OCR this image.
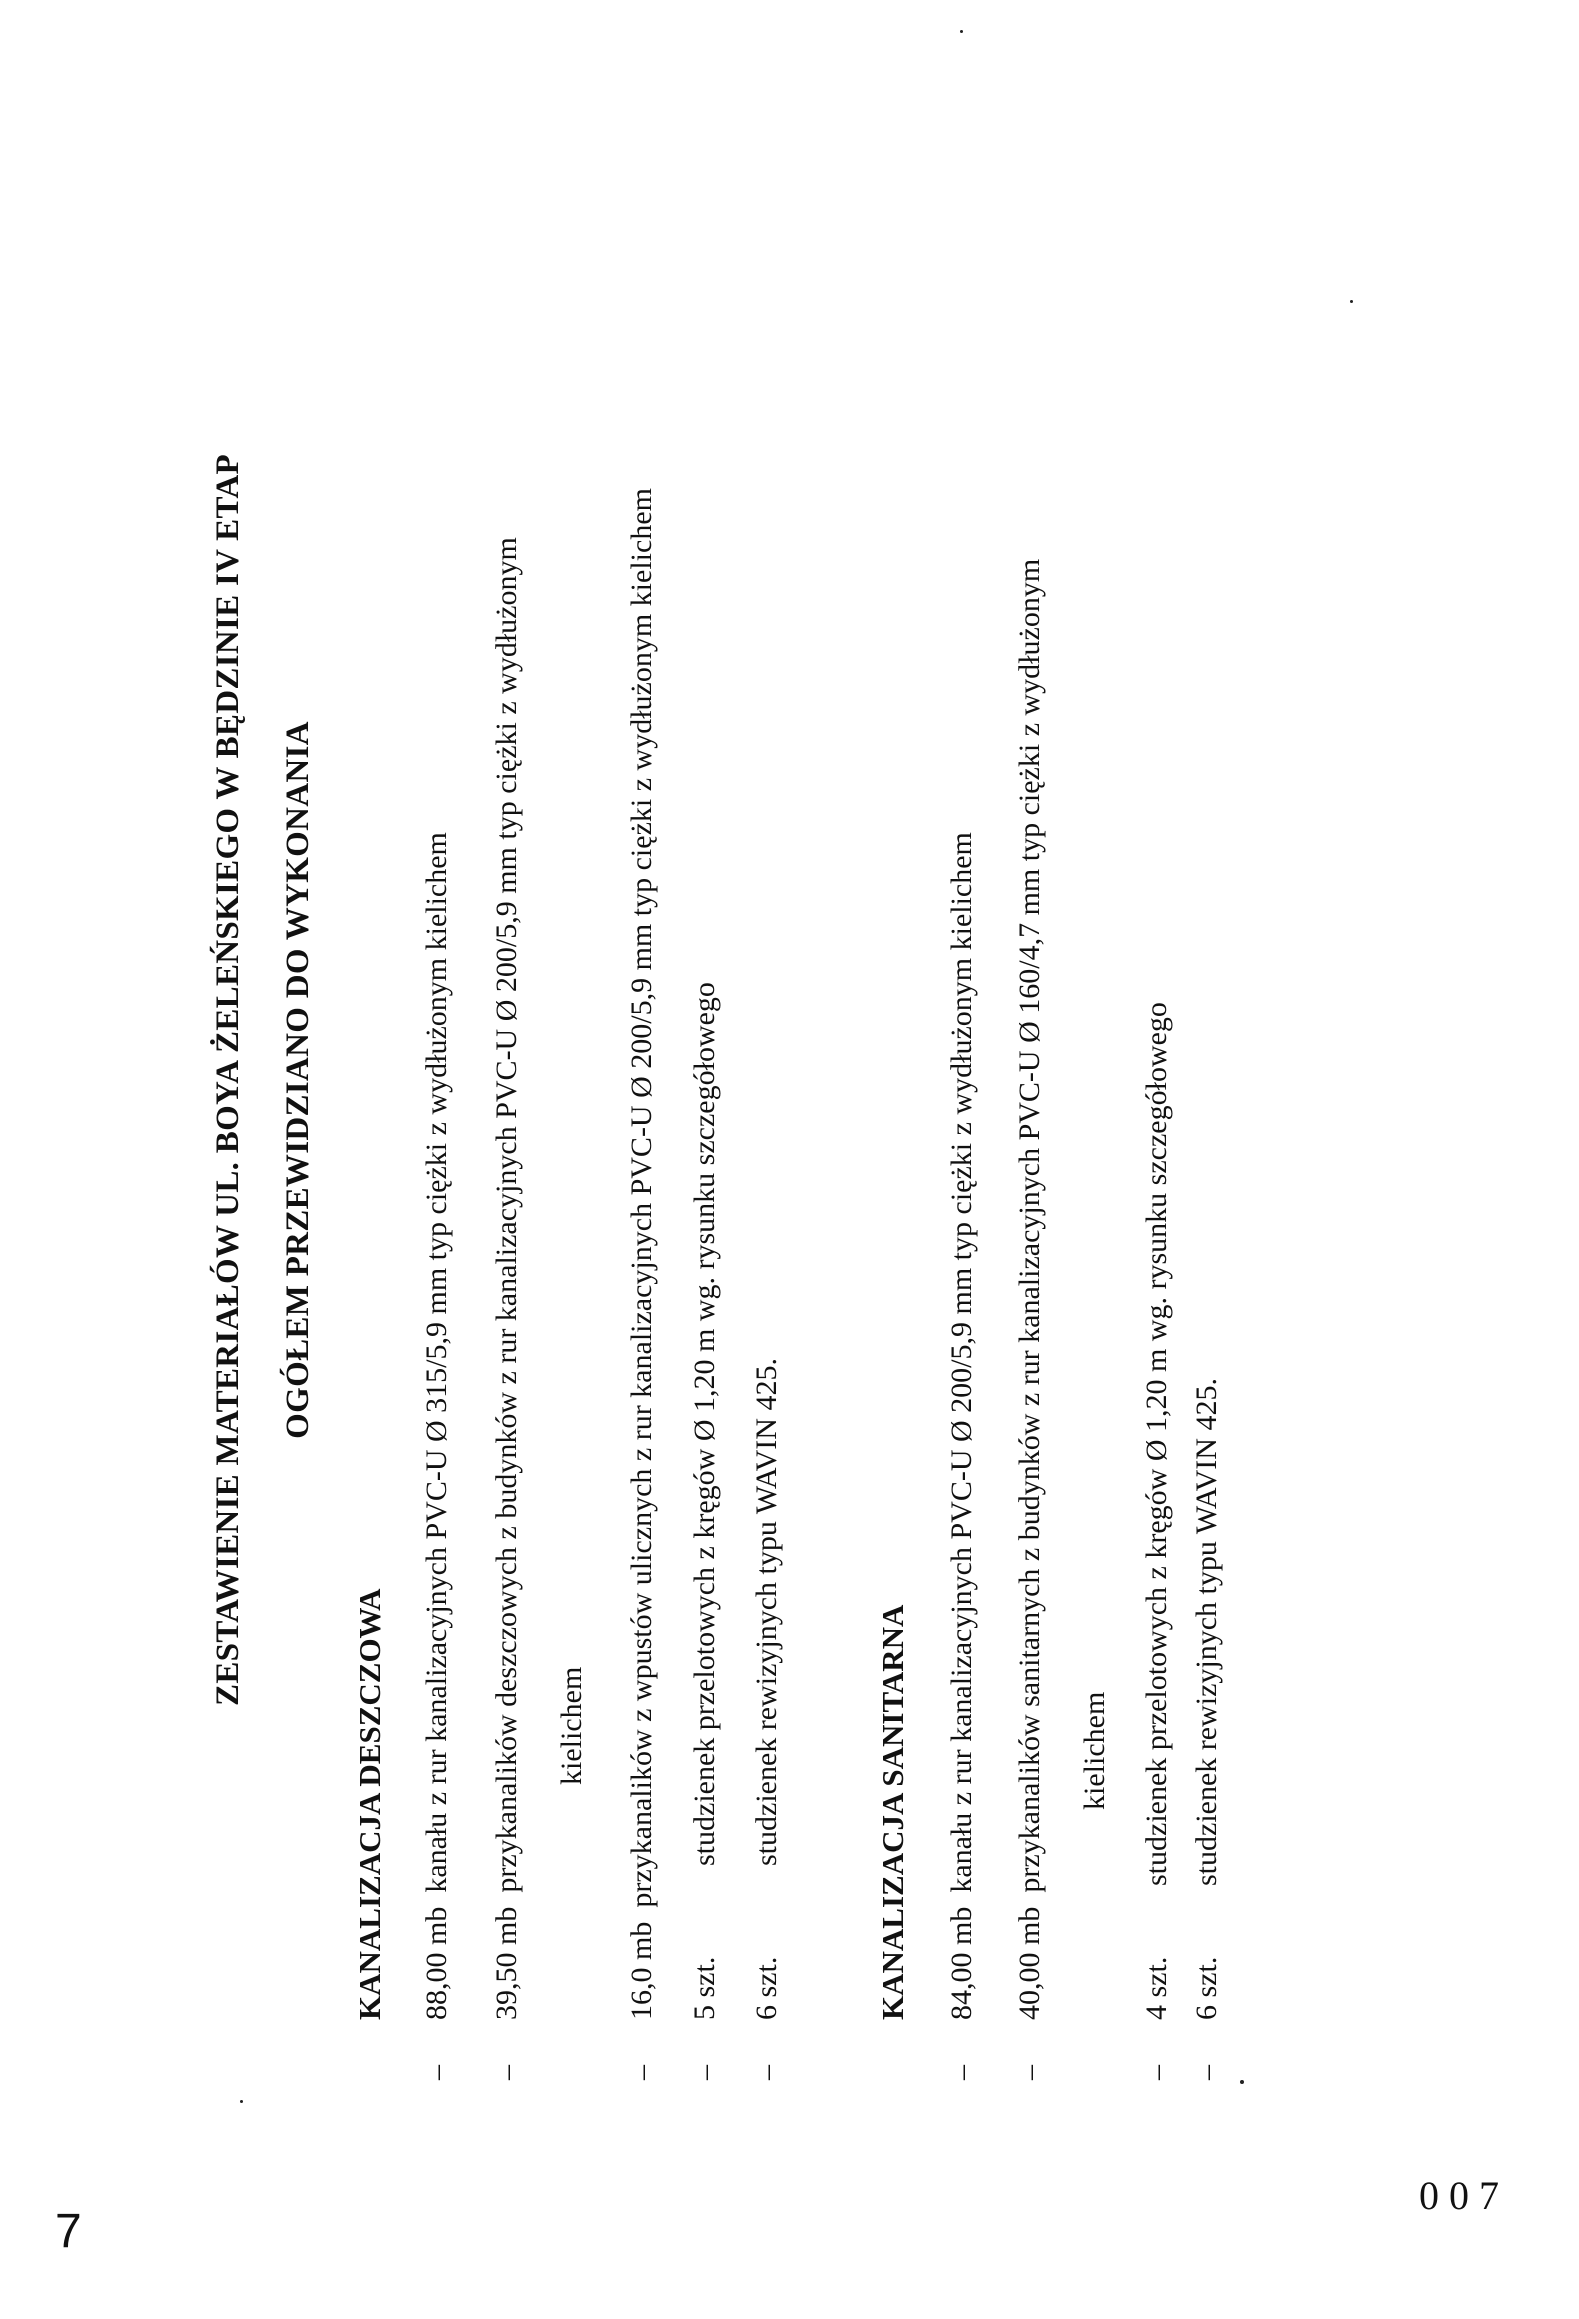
ZESTAWIENIE MATERIAŁÓW UL. BOYA ŻELEŃSKIEGO W BĘDZINIE IV ETAP OGÓŁEM PRZEWIDZIANO DO WYKONANIA
KANALIZACJA DESZCZOWA
–88,00 mbkanału z rur kanalizacyjnych PVC-U Ø 315/5,9 mm typ ciężki z wydłużonym kielichem
–39,50 mbprzykanalików deszczowych z budynków z rur kanalizacyjnych PVC-U Ø 200/5,9 mm typ ciężki z wydłużonym kielichem
–16,0 mbprzykanalików z wpustów ulicznych z rur kanalizacyjnych PVC-U Ø 200/5,9 mm typ ciężki z wydłużonym kielichem
–5 szt.studzienek przelotowych z kręgów Ø 1,20 m wg. rysunku szczegółowego
–6 szt.studzienek rewizyjnych typu WAVIN 425.	KANALIZACJA SANITARNA
–84,00 mbkanału z rur kanalizacyjnych PVC-U Ø 200/5,9 mm typ ciężki z wydłużonym kielichem
–40,00 mbprzykanalików sanitarnych z budynków z rur kanalizacyjnych PVC-U Ø 160/4,7 mm typ ciężki z wydłużonym kielichem
–4 szt.studzienek przelotowych z kręgów Ø 1,20 m wg. rysunku szczegółowego
–6 szt.studzienek rewizyjnych typu WAVIN 425.
007
7
